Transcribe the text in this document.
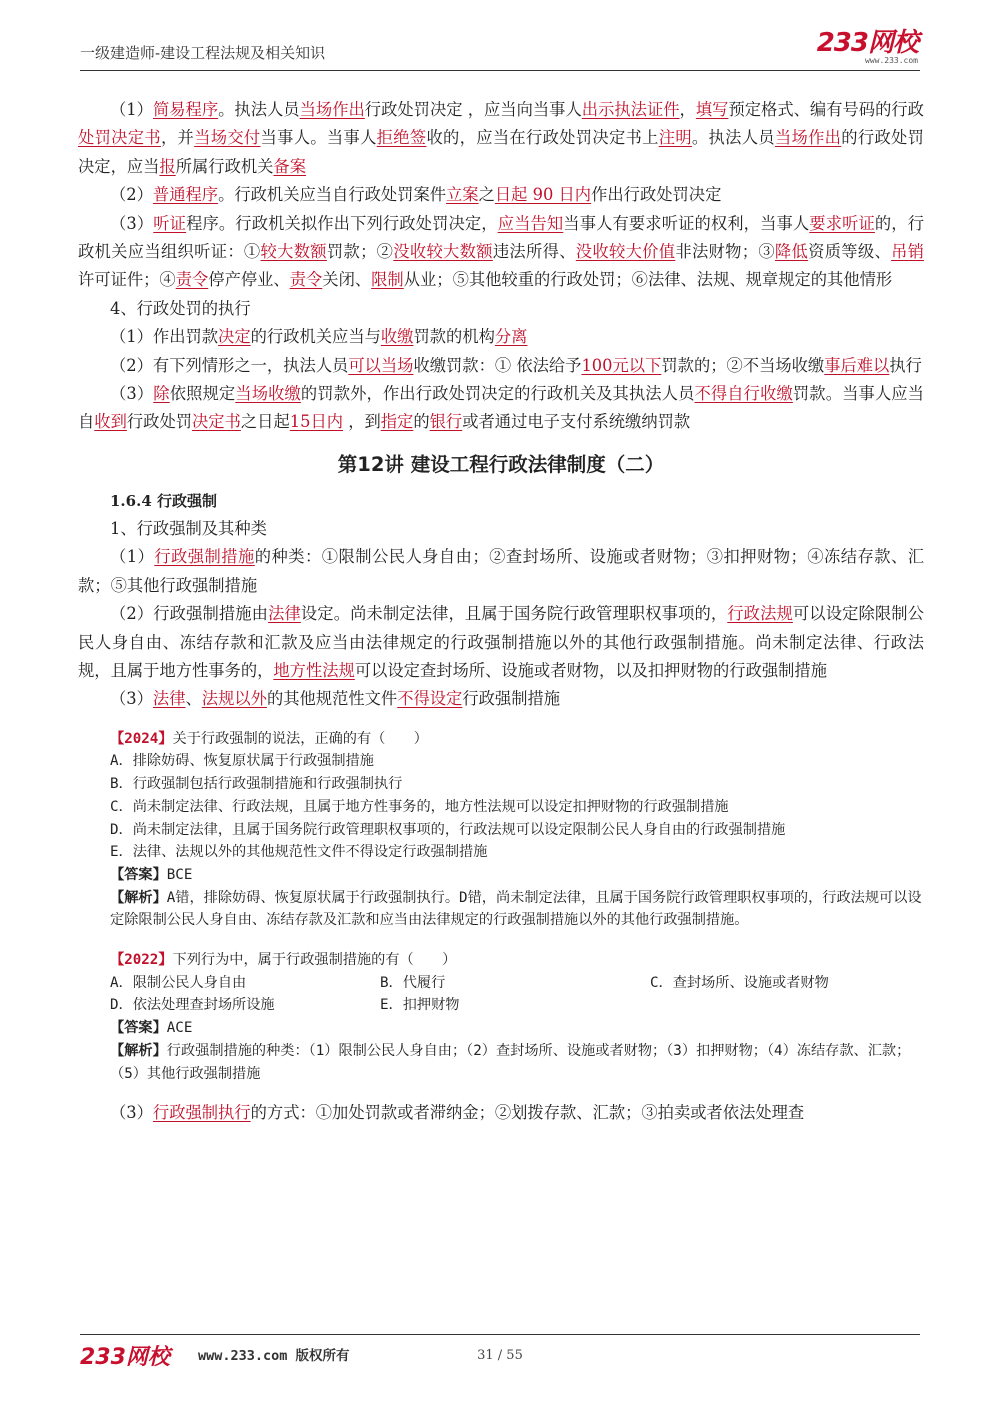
一级建造师-建设工程法规及相关知识	233网校
www.233.com

（1）简易程序。执法人员当场作出行政处罚决定 ，应当向当事人出示执法证件，填写预定格式、编有号码的行政处罚决定书，并当场交付当事人。当事人拒绝签收的，应当在行政处罚决定书上注明。执法人员当场作出的行政处罚决定，应当报所属行政机关备案

（2）普通程序。行政机关应当自行政处罚案件立案之日起 90 日内作出行政处罚决定

（3）听证程序。行政机关拟作出下列行政处罚决定，应当告知当事人有要求听证的权利，当事人要求听证的，行政机关应当组织听证：①较大数额罚款；②没收较大数额违法所得、没收较大价值非法财物；③降低资质等级、吊销许可证件；④责令停产停业、责令关闭、限制从业；⑤其他较重的行政处罚；⑥法律、法规、规章规定的其他情形

4、行政处罚的执行

（1）作出罚款决定的行政机关应当与收缴罚款的机构分离

（2）有下列情形之一，执法人员可以当场收缴罚款：① 依法给予100元以下罚款的；②不当场收缴事后难以执行

（3）除依照规定当场收缴的罚款外，作出行政处罚决定的行政机关及其执法人员不得自行收缴罚款。当事人应当自收到行政处罚决定书之日起15日内 ，到指定的银行或者通过电子支付系统缴纳罚款

第12讲 建设工程行政法律制度（二）

1.6.4 行政强制

1、行政强制及其种类

（1）行政强制措施的种类：①限制公民人身自由；②查封场所、设施或者财物；③扣押财物；④冻结存款、汇款；⑤其他行政强制措施

（2）行政强制措施由法律设定。尚未制定法律，且属于国务院行政管理职权事项的，行政法规可以设定除限制公民人身自由、冻结存款和汇款及应当由法律规定的行政强制措施以外的其他行政强制措施。尚未制定法律、行政法规，且属于地方性事务的，地方性法规可以设定查封场所、设施或者财物，以及扣押财物的行政强制措施

（3）法律、法规以外的其他规范性文件不得设定行政强制措施

【2024】关于行政强制的说法，正确的有（　　）

A．排除妨碍、恢复原状属于行政强制措施

B．行政强制包括行政强制措施和行政强制执行

C．尚未制定法律、行政法规，且属于地方性事务的，地方性法规可以设定扣押财物的行政强制措施

D．尚未制定法律，且属于国务院行政管理职权事项的，行政法规可以设定限制公民人身自由的行政强制措施

E．法律、法规以外的其他规范性文件不得设定行政强制措施

【答案】BCE

【解析】A错，排除妨碍、恢复原状属于行政强制执行。D错，尚未制定法律，且属于国务院行政管理职权事项的，行政法规可以设定除限制公民人身自由、冻结存款及汇款和应当由法律规定的行政强制措施以外的其他行政强制措施。

【2022】下列行为中，属于行政强制措施的有（　　）

A．限制公民人身自由	B．代履行	C．查封场所、设施或者财物
D．依法处理查封场所设施	E．扣押财物

【答案】ACE

【解析】行政强制措施的种类：（1）限制公民人身自由；（2）查封场所、设施或者财物；（3）扣押财物；（4）冻结存款、汇款；（5）其他行政强制措施

（3）行政强制执行的方式：①加处罚款或者滞纳金；②划拨存款、汇款；③拍卖或者依法处理查

233网校 www.233.com 版权所有	31 / 55
